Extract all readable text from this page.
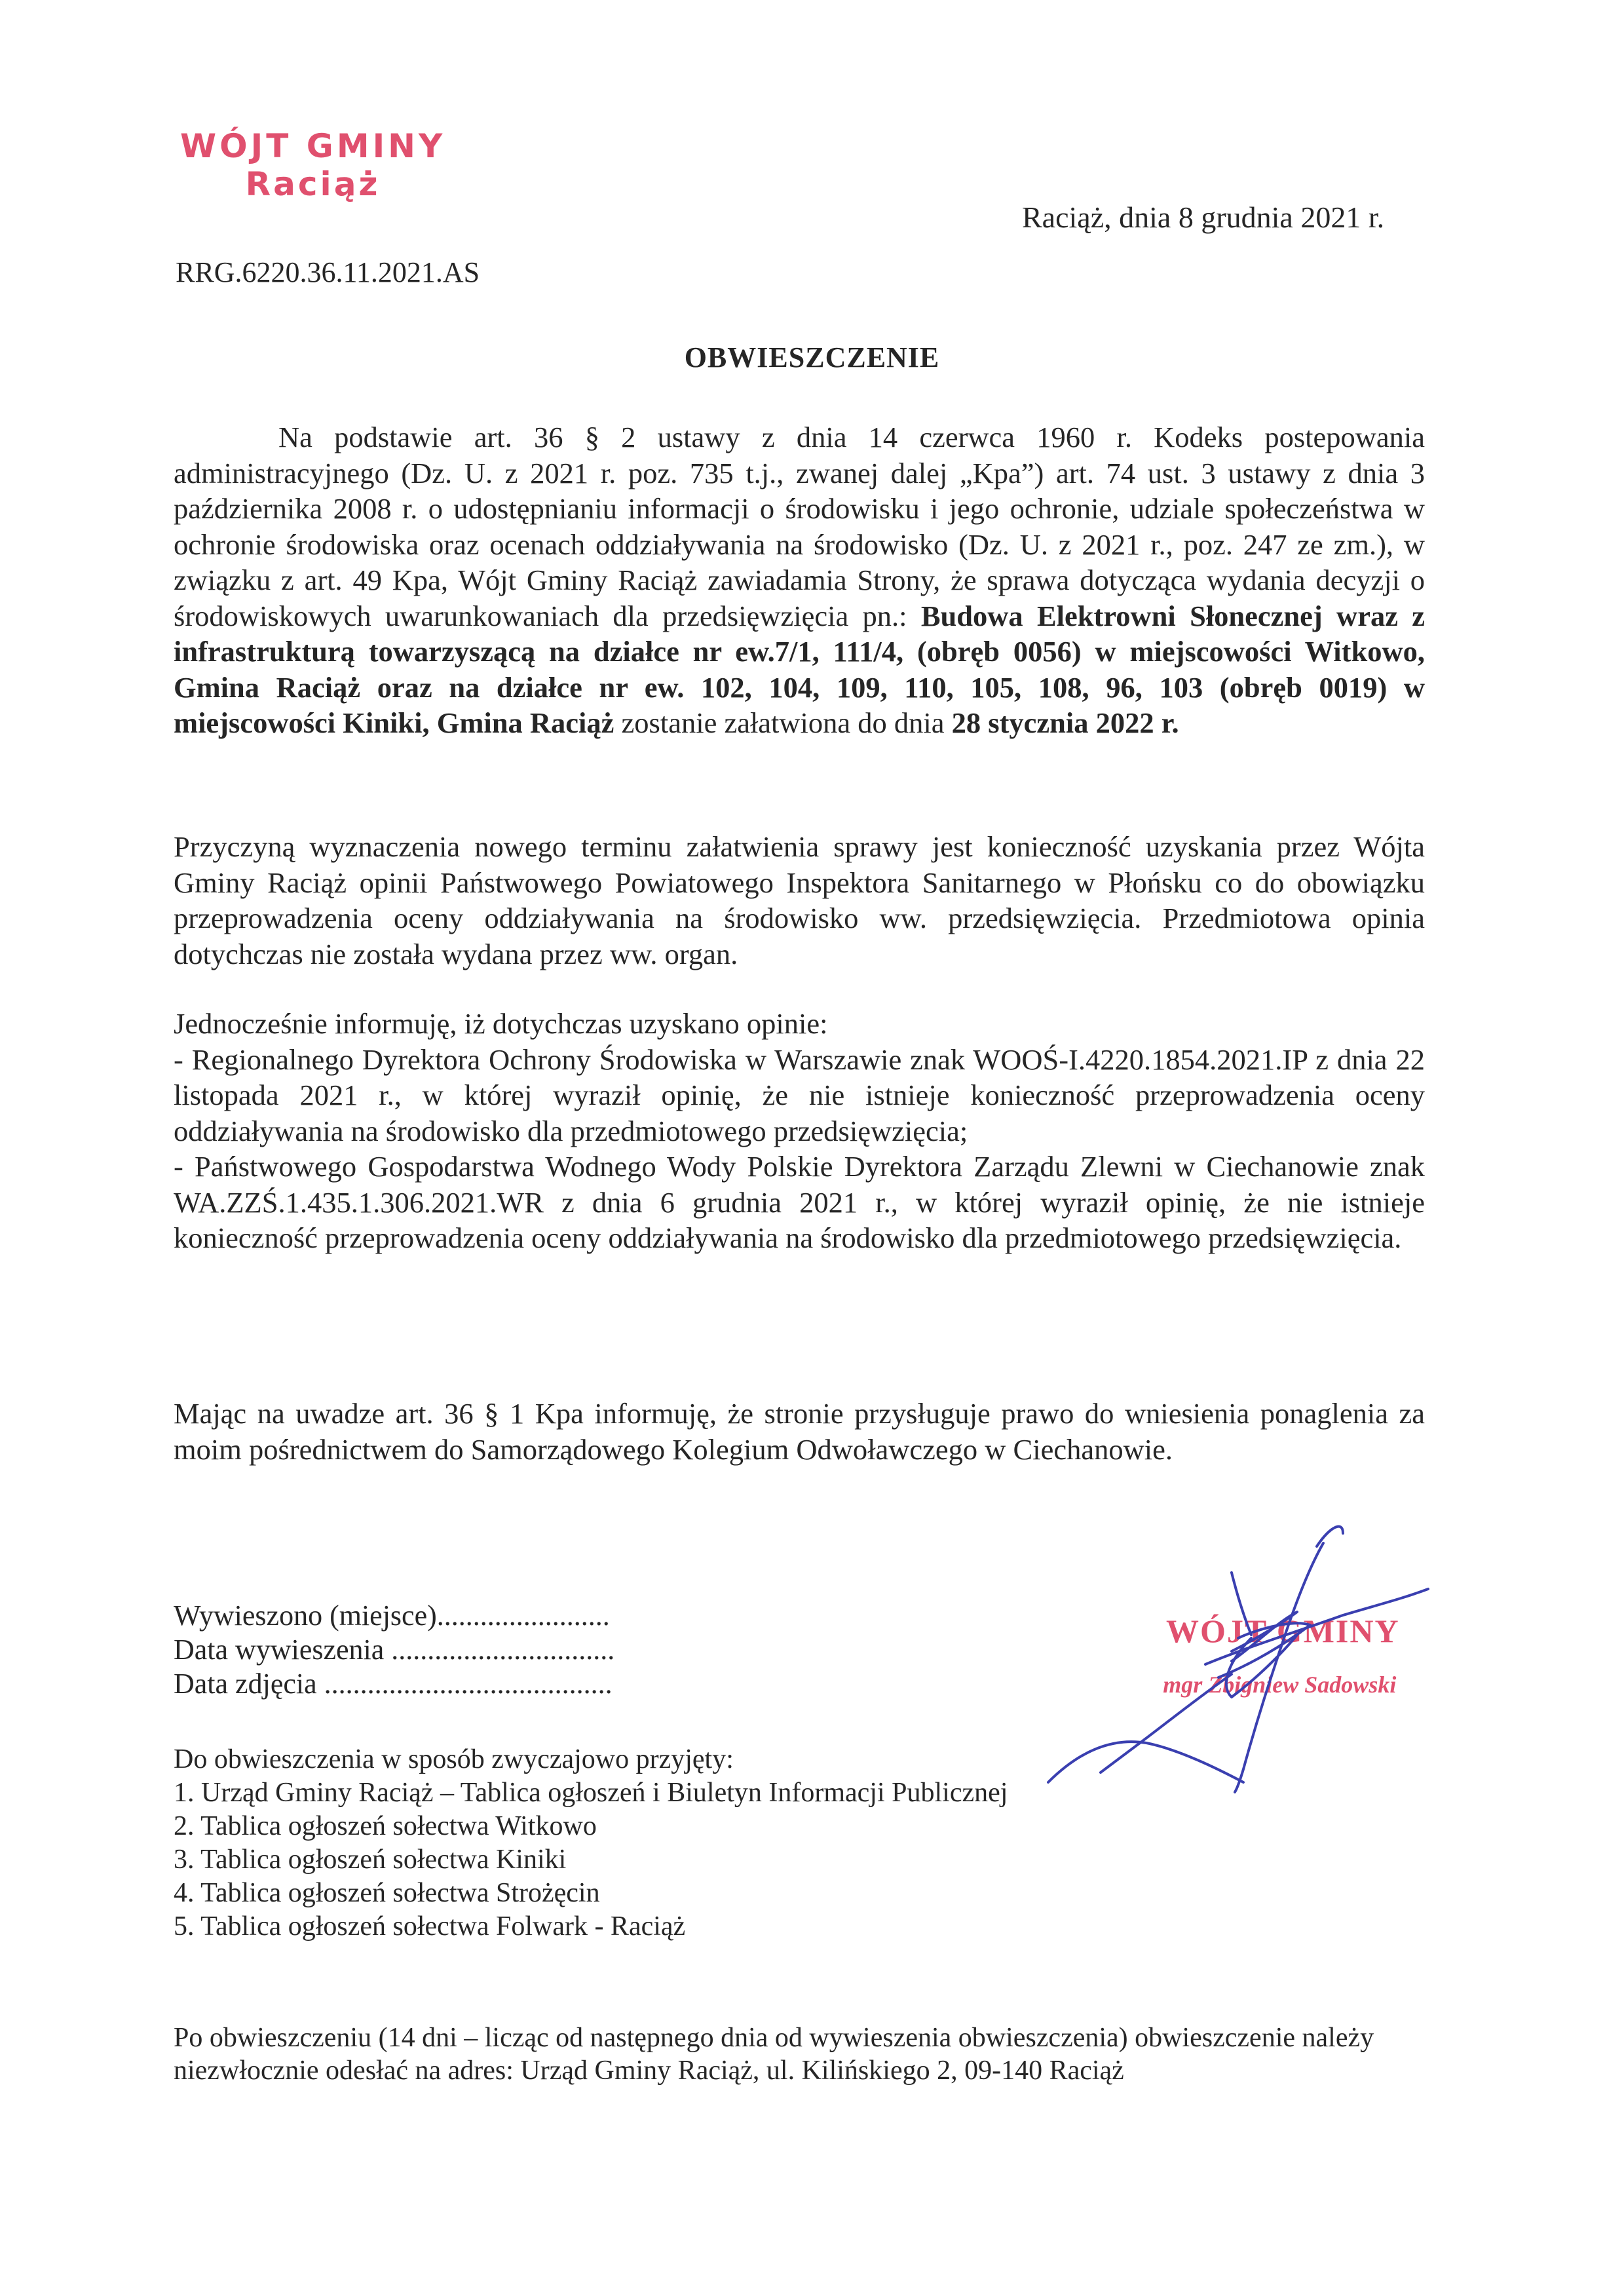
WÓJT GMINY
Raciąż
Raciąż, dnia 8 grudnia 2021 r.
RRG.6220.36.11.2021.AS
OBWIESZCZENIE
Na podstawie art. 36 § 2 ustawy z dnia 14 czerwca 1960 r. Kodeks postepowania administracyjnego (Dz. U. z 2021 r. poz. 735 t.j., zwanej dalej „Kpa”) art. 74 ust. 3 ustawy z dnia 3 października 2008 r. o udostępnianiu informacji o środowisku i jego ochronie, udziale społeczeństwa w ochronie środowiska oraz ocenach oddziaływania na środowisko (Dz. U. z 2021 r., poz. 247 ze zm.), w związku z art. 49 Kpa, Wójt Gminy Raciąż zawiadamia Strony, że sprawa dotycząca wydania decyzji o środowiskowych uwarunkowaniach dla przedsięwzięcia pn.: Budowa Elektrowni Słonecznej wraz z infrastrukturą towarzyszącą na działce nr ew.7/1, 111/4, (obręb 0056) w miejscowości Witkowo, Gmina Raciąż oraz na działce nr ew. 102, 104, 109, 110, 105, 108, 96, 103 (obręb 0019) w miejscowości Kiniki, Gmina Raciąż zostanie załatwiona do dnia 28 stycznia 2022 r.
Przyczyną wyznaczenia nowego terminu załatwienia sprawy jest konieczność uzyskania przez Wójta Gminy Raciąż opinii Państwowego Powiatowego Inspektora Sanitarnego w Płońsku co do obowiązku przeprowadzenia oceny oddziaływania na środowisko ww. przedsięwzięcia. Przedmiotowa opinia dotychczas nie została wydana przez ww. organ.
Jednocześnie informuję, iż dotychczas uzyskano opinie:
- Regionalnego Dyrektora Ochrony Środowiska w Warszawie znak WOOŚ-I.4220.1854.2021.IP z dnia 22 listopada 2021 r., w której wyraził opinię, że nie istnieje konieczność przeprowadzenia oceny oddziaływania na środowisko dla przedmiotowego przedsięwzięcia;
- Państwowego Gospodarstwa Wodnego Wody Polskie Dyrektora Zarządu Zlewni w Ciechanowie znak WA.ZZŚ.1.435.1.306.2021.WR z dnia 6 grudnia 2021 r., w której wyraził opinię, że nie istnieje konieczność przeprowadzenia oceny oddziaływania na środowisko dla przedmiotowego przedsięwzięcia.
Mając na uwadze art. 36 § 1 Kpa informuję, że stronie przysługuje prawo do wniesienia ponaglenia za moim pośrednictwem do Samorządowego Kolegium Odwoławczego w Ciechanowie.
Wywieszono (miejsce)........................
Data wywieszenia ...............................
Data zdjęcia ........................................
WÓJT GMINY
mgr Zbigniew Sadowski
Do obwieszczenia w sposób zwyczajowo przyjęty:
1. Urząd Gminy Raciąż – Tablica ogłoszeń i Biuletyn Informacji Publicznej
2. Tablica ogłoszeń sołectwa Witkowo
3. Tablica ogłoszeń sołectwa Kiniki
4. Tablica ogłoszeń sołectwa Strożęcin
5. Tablica ogłoszeń sołectwa Folwark - Raciąż
Po obwieszczeniu (14 dni – licząc od następnego dnia od wywieszenia obwieszczenia) obwieszczenie należy niezwłocznie odesłać na adres: Urząd Gminy Raciąż, ul. Kilińskiego 2, 09-140 Raciąż
